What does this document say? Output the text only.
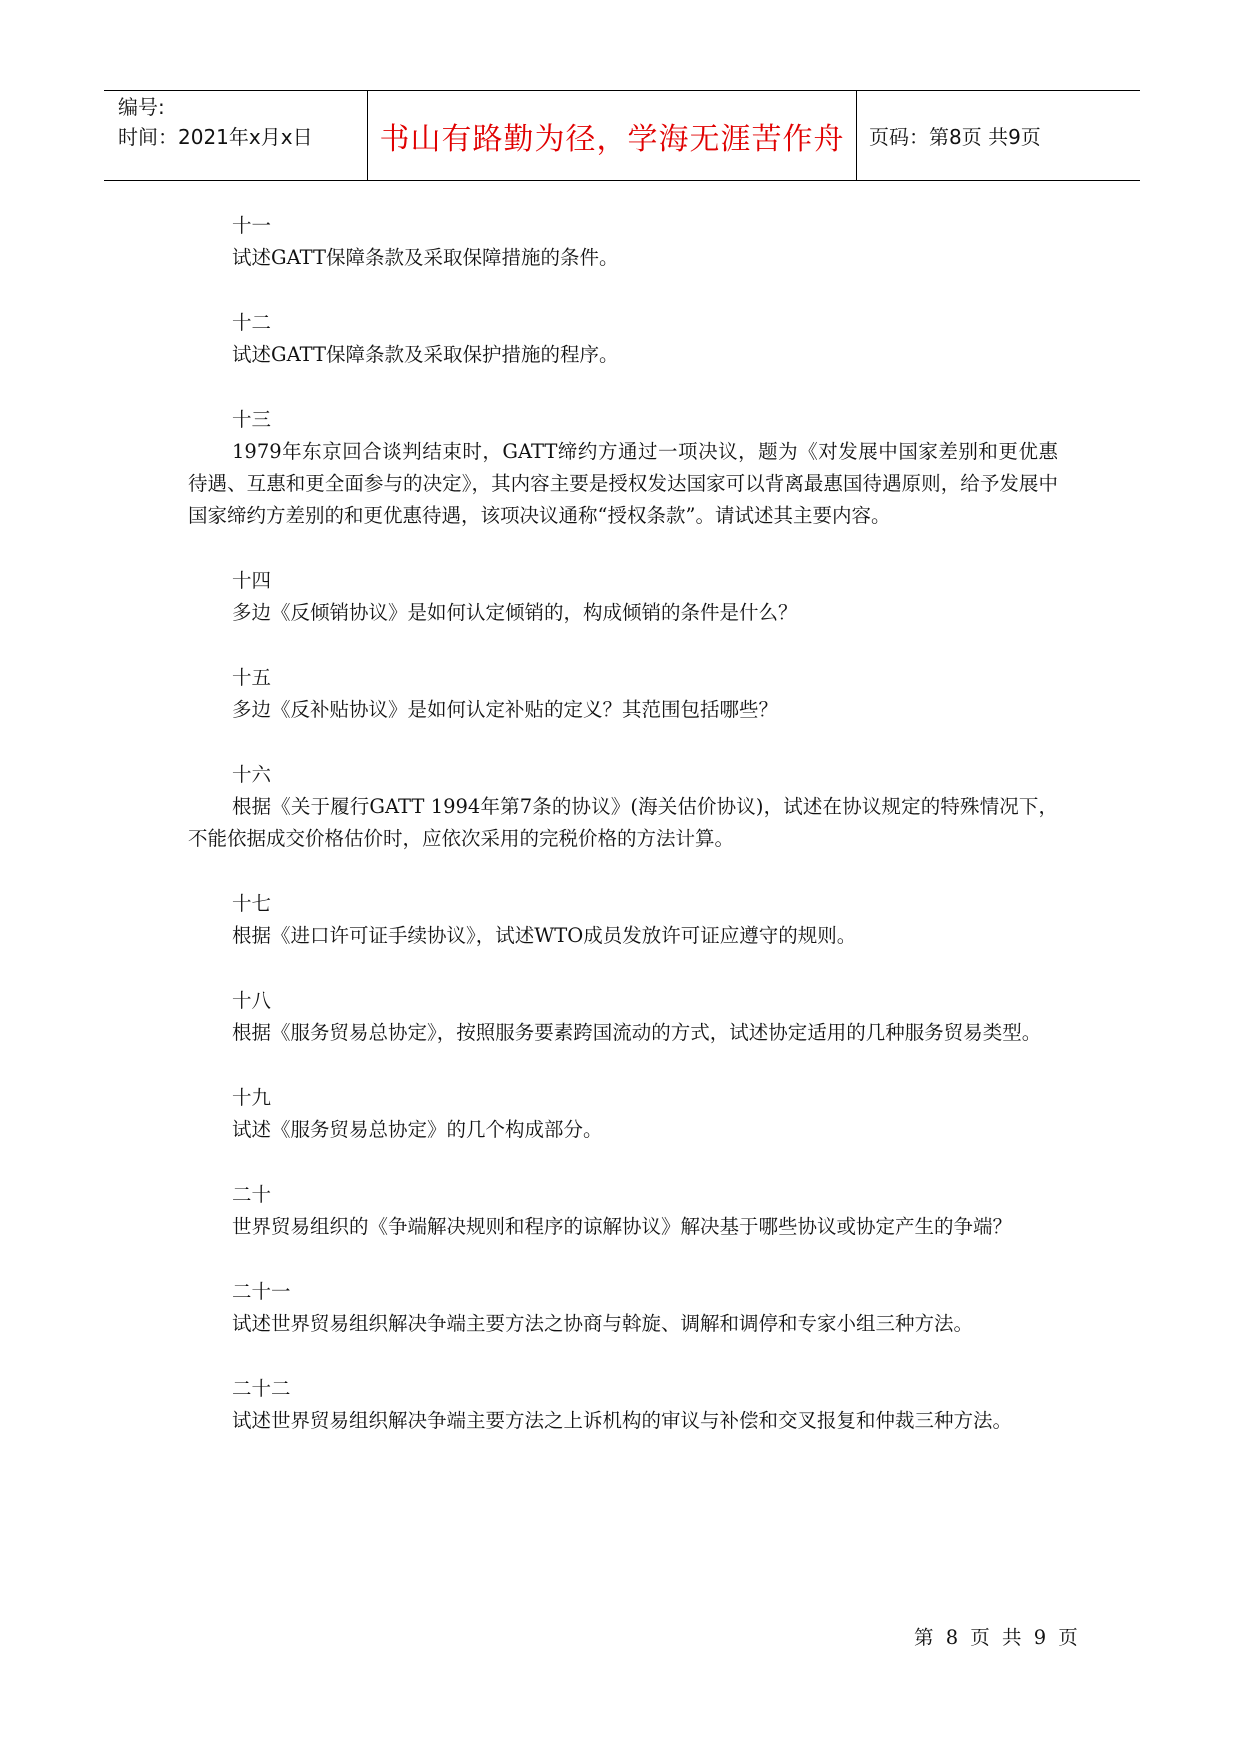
编号:
时间：2021年x月x日	书山有路勤为径，学海无涯苦作舟 页码：第8页 共9页
十一
试述GATT保障条款及采取保障措施的条件。
十二
试述GATT保障条款及采取保护措施的程序。
十三
1979年东京回合谈判结束时，GATT缔约方通过一项决议，题为《对发展中国家差别和更优惠待遇、互惠和更全面参与的决定》，其内容主要是授权发达国家可以背离最惠国待遇原则，给予发展中国家缔约方差别的和更优惠待遇，该项决议通称“授权条款”。请试述其主要内容。
十四
多边《反倾销协议》是如何认定倾销的，构成倾销的条件是什么？
十五
多边《反补贴协议》是如何认定补贴的定义？其范围包括哪些？
十六
根据《关于履行GATT 1994年第7条的协议》(海关估价协议)，试述在协议规定的特殊情况下，不能依据成交价格估价时，应依次采用的完税价格的方法计算。
十七
根据《进口许可证手续协议》，试述WTO成员发放许可证应遵守的规则。
十八
根据《服务贸易总协定》，按照服务要素跨国流动的方式，试述协定适用的几种服务贸易类型。
十九
试述《服务贸易总协定》的几个构成部分。
二十
世界贸易组织的《争端解决规则和程序的谅解协议》解决基于哪些协议或协定产生的争端？
二十一
试述世界贸易组织解决争端主要方法之协商与斡旋、调解和调停和专家小组三种方法。
二十二
试述世界贸易组织解决争端主要方法之上诉机构的审议与补偿和交叉报复和仲裁三种方法。
第 8 页 共 9 页
